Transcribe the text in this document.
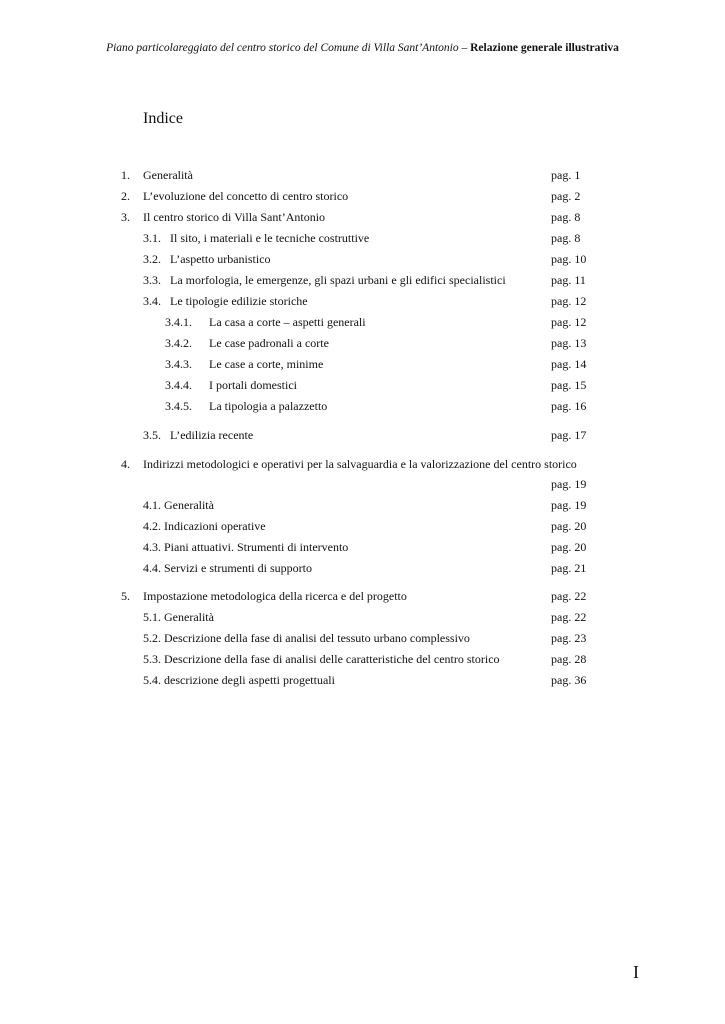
Piano particolareggiato del centro storico del Comune di Villa Sant’Antonio – Relazione generale illustrativa
Indice
1. Generalità	pag. 1
2. L’evoluzione del concetto di centro storico	pag. 2
3. Il centro storico di Villa Sant’Antonio	pag. 8
3.1. Il sito, i materiali e le tecniche costruttive	pag. 8
3.2. L’aspetto urbanistico	pag. 10
3.3. La morfologia, le emergenze, gli spazi urbani e gli edifici specialistici	pag. 11
3.4. Le tipologie edilizie storiche	pag. 12
3.4.1. La casa a corte – aspetti generali	pag. 12
3.4.2. Le case padronali a corte	pag. 13
3.4.3. Le case a corte, minime	pag. 14
3.4.4. I portali domestici	pag. 15
3.4.5. La tipologia a palazzetto	pag. 16
3.5. L’edilizia recente	pag. 17
4. Indirizzi metodologici e operativi per la salvaguardia e la valorizzazione del centro storico
pag. 19
4.1. Generalità	pag. 19
4.2. Indicazioni operative	pag. 20
4.3. Piani attuativi. Strumenti di intervento	pag. 20
4.4. Servizi e strumenti di supporto	pag. 21
5. Impostazione metodologica della ricerca e del progetto	pag. 22
5.1. Generalità	pag. 22
5.2. Descrizione della fase di analisi del tessuto urbano complessivo	pag. 23
5.3. Descrizione della fase di analisi delle caratteristiche del centro storico	pag. 28
5.4. descrizione degli aspetti progettuali	pag. 36
I
